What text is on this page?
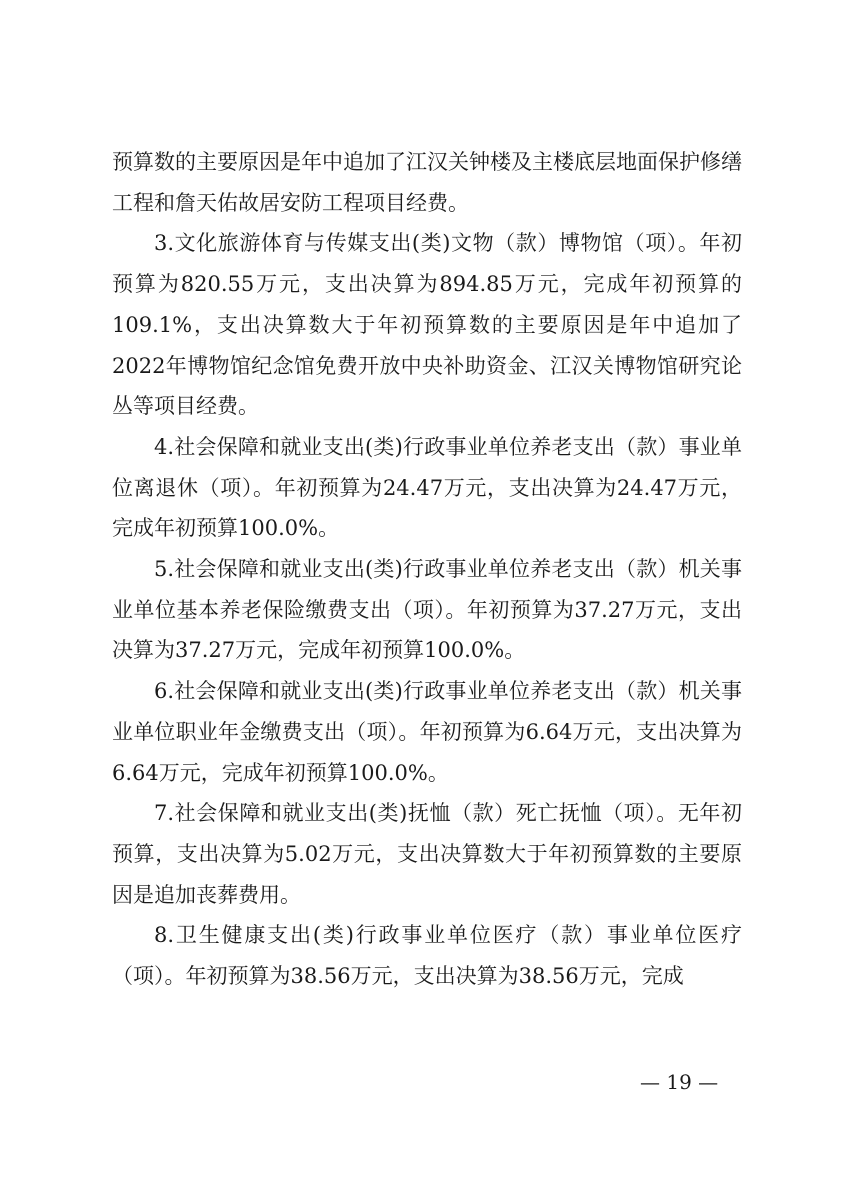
预算数的主要原因是年中追加了江汉关钟楼及主楼底层地面保护修缮工程和詹天佑故居安防工程项目经费。

3.文化旅游体育与传媒支出(类)文物（款）博物馆（项）。年初预算为820.55万元，支出决算为894.85万元，完成年初预算的109.1%，支出决算数大于年初预算数的主要原因是年中追加了2022年博物馆纪念馆免费开放中央补助资金、江汉关博物馆研究论丛等项目经费。

4.社会保障和就业支出(类)行政事业单位养老支出（款）事业单位离退休（项）。年初预算为24.47万元，支出决算为24.47万元，完成年初预算100.0%。

5.社会保障和就业支出(类)行政事业单位养老支出（款）机关事业单位基本养老保险缴费支出（项）。年初预算为37.27万元，支出决算为37.27万元，完成年初预算100.0%。

6.社会保障和就业支出(类)行政事业单位养老支出（款）机关事业单位职业年金缴费支出（项）。年初预算为6.64万元，支出决算为6.64万元，完成年初预算100.0%。

7.社会保障和就业支出(类)抚恤（款）死亡抚恤（项）。无年初预算，支出决算为5.02万元，支出决算数大于年初预算数的主要原因是追加丧葬费用。

8.卫生健康支出(类)行政事业单位医疗（款）事业单位医疗（项）。年初预算为38.56万元，支出决算为38.56万元，完成

— 19 —
